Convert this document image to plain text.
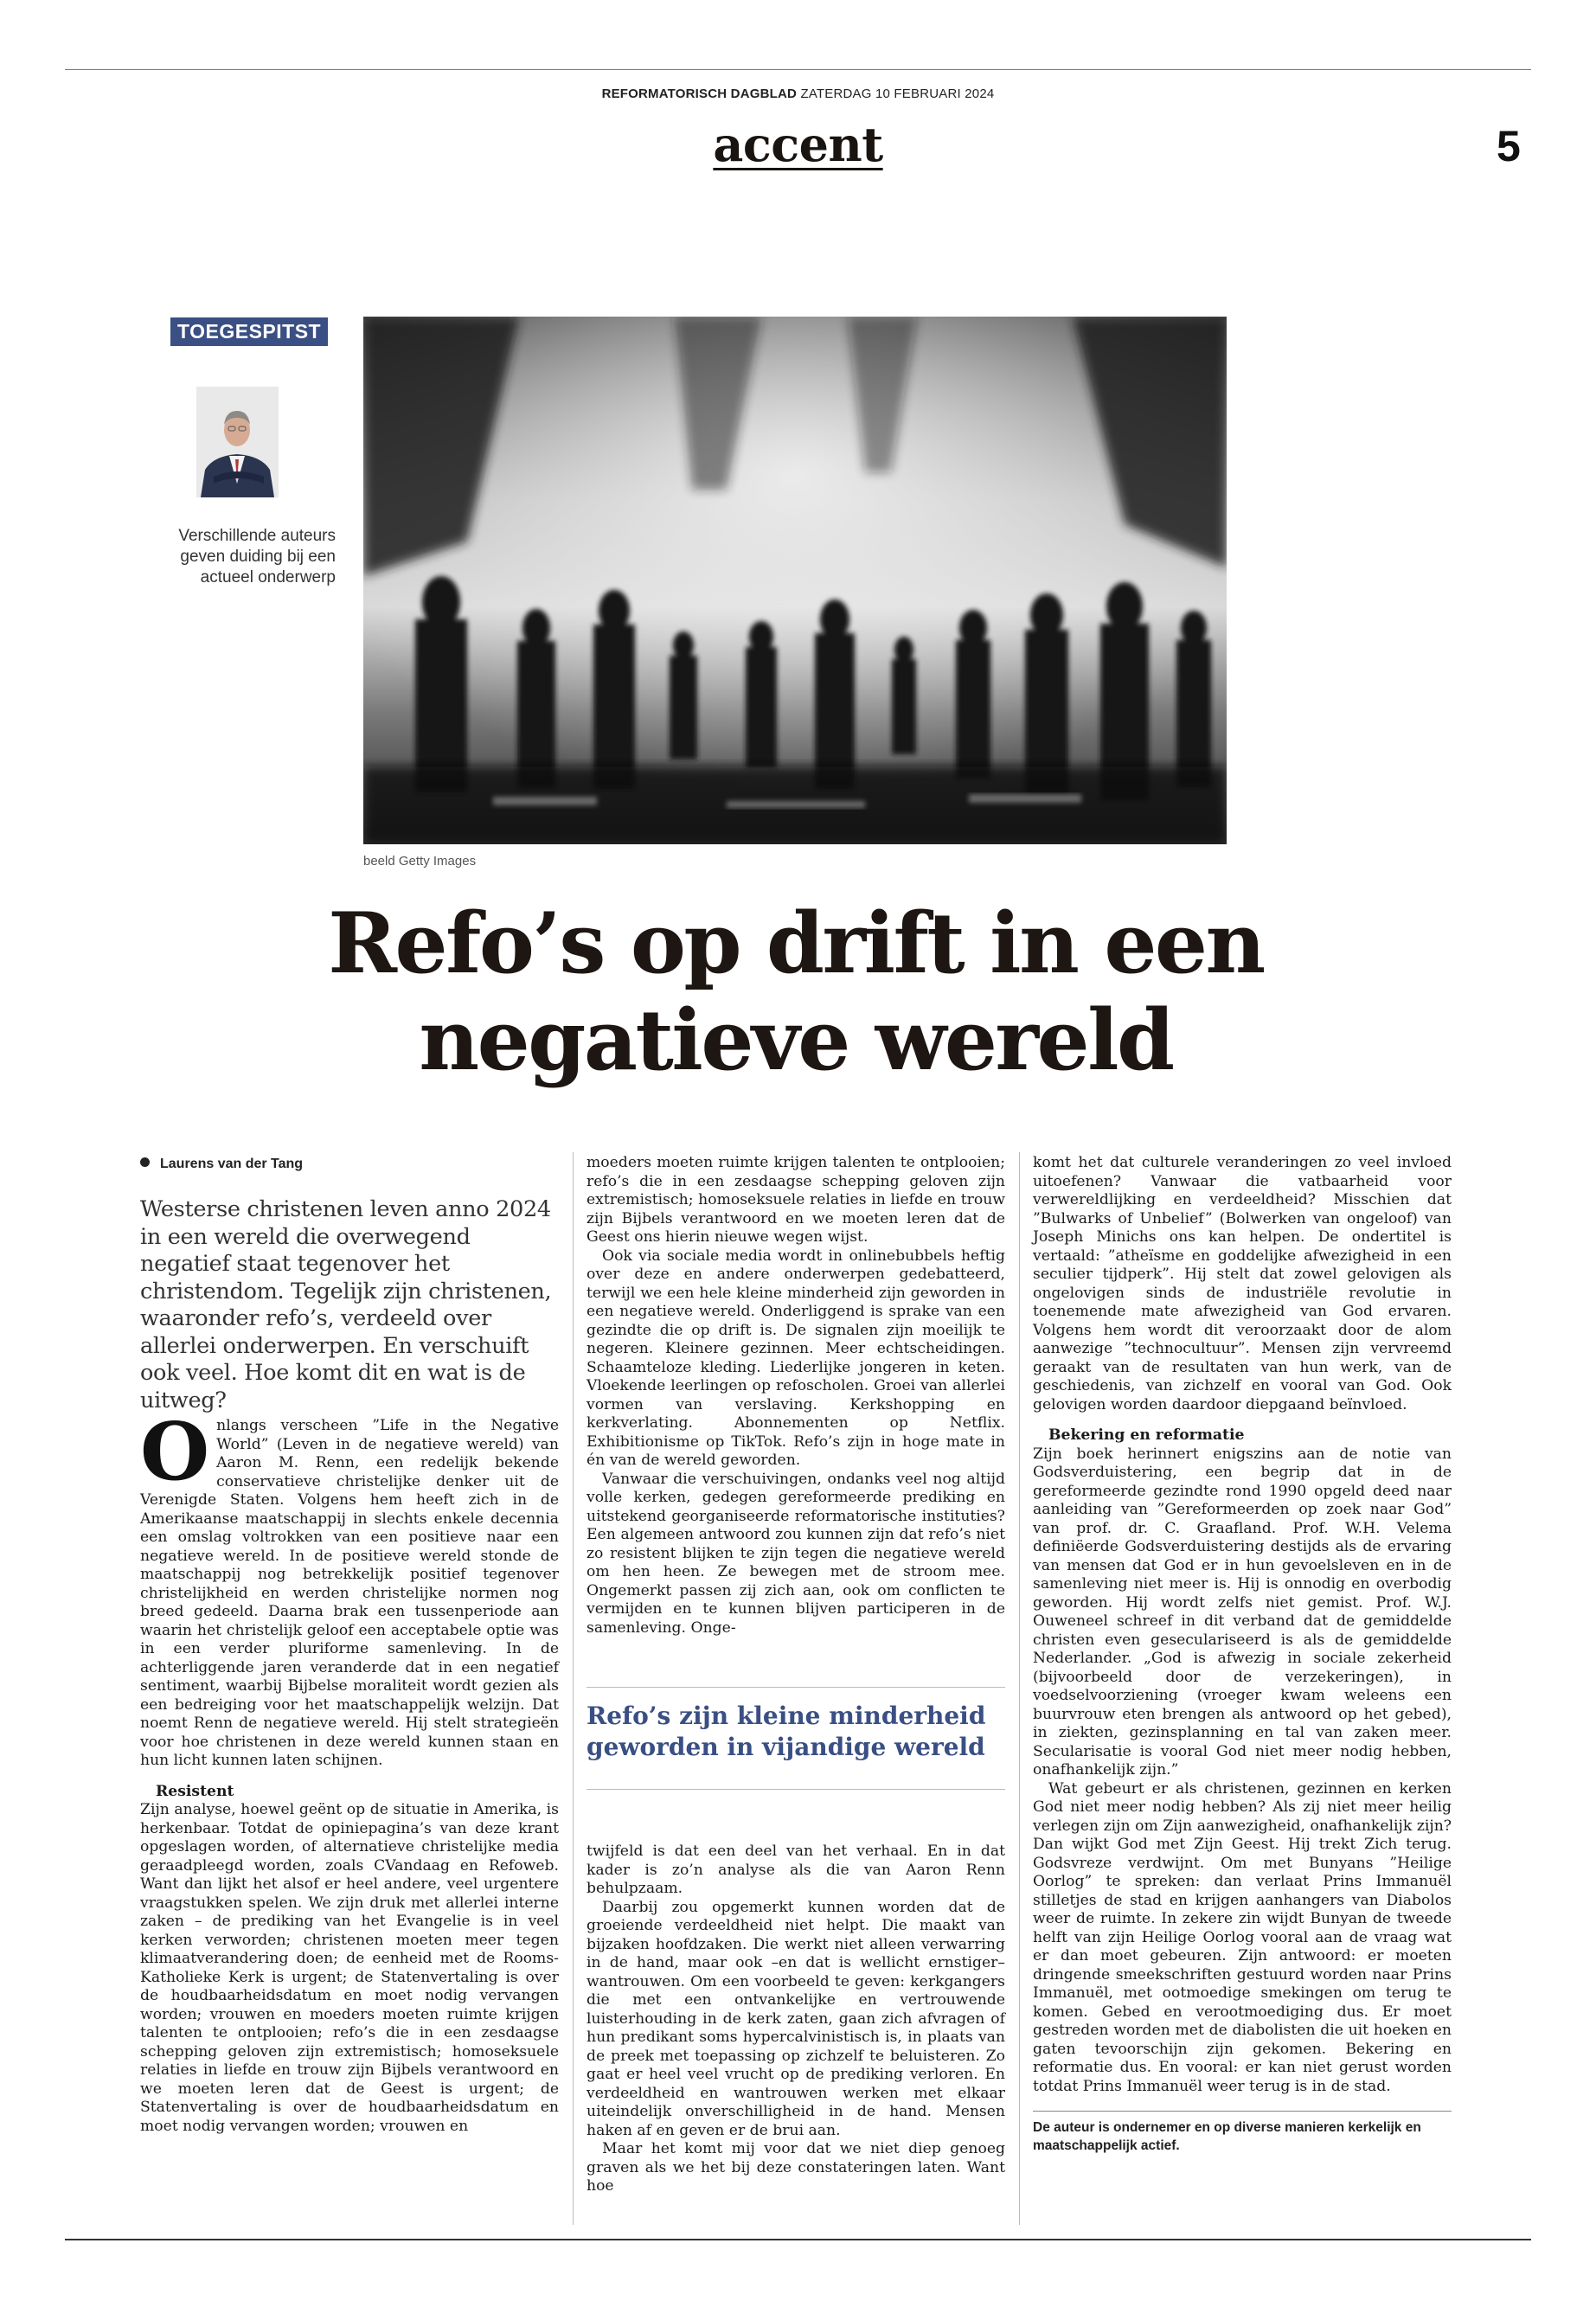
REFORMATORISCH DAGBLAD ZATERDAG 10 FEBRUARI 2024
accent	5
TOEGESPITST
Verschillende auteurs geven duiding bij een actueel onderwerp
beeld Getty Images
Refo’s op drift in een negatieve wereld
Laurens van der Tang
Westerse christenen leven anno 2024 in een wereld die overwegend negatief staat tegenover het christendom. Tegelijk zijn christenen, waaronder refo’s, verdeeld over allerlei onderwerpen. En verschuift ook veel. Hoe komt dit en wat is de uitweg?

Onlangs verscheen ”Life in the Negative World” (Leven in de negatieve wereld) van Aaron M. Renn, een redelijk bekende conservatieve christelijke denker uit de Verenigde Staten. Volgens hem heeft zich in de Amerikaanse maatschappij in slechts enkele decennia een omslag voltrokken van een positieve naar een negatieve wereld. In de positieve wereld stonde de maatschappij nog betrekkelijk positief tegenover christelijkheid en werden christelijke normen nog breed gedeeld. Daarna brak een tussenperiode aan waarin het christelijk geloof een acceptabele optie was in een verder pluriforme samenleving. In de achterliggende jaren veranderde dat in een negatief sentiment, waarbij Bijbelse moraliteit wordt gezien als een bedreiging voor het maatschappelijk welzijn. Dat noemt Renn de negatieve wereld. Hij stelt strategieën voor hoe christenen in deze wereld kunnen staan en hun licht kunnen laten schijnen.

Resistent

Zijn analyse, hoewel geënt op de situatie in Amerika, is herkenbaar. Totdat de opiniepagina’s van deze krant opgeslagen worden, of alternatieve christelijke media geraadpleegd worden, zoals CVandaag en Refoweb. Want dan lijkt het alsof er heel andere, veel urgentere vraagstukken spelen. We zijn druk met allerlei interne zaken – de prediking van het Evangelie is in veel kerken verworden; christenen moeten meer tegen klimaatverandering doen; de eenheid met de Rooms-Katholieke Kerk is urgent; de Statenvertaling is over de houdbaarheidsdatum en moet nodig vervangen worden; vrouwen en moeders moeten ruimte krijgen talenten te ontplooien; refo’s die in een zesdaagse schepping geloven zijn extremistisch; homoseksuele relaties in liefde en trouw zijn Bijbels verantwoord en we moeten leren dat de Geest is urgent; de Statenvertaling is over de houdbaarheidsdatum en moet nodig vervangen worden; vrouwen en

moeders moeten ruimte krijgen talenten te ontplooien; refo’s die in een zesdaagse schepping geloven zijn extremistisch; homoseksuele relaties in liefde en trouw zijn Bijbels verantwoord en we moeten leren dat de Geest ons hierin nieuwe wegen wijst.

Ook via sociale media wordt in onlinebubbels heftig over deze en andere onderwerpen gedebatteerd, terwijl we een hele kleine minderheid zijn geworden in een negatieve wereld. Onderliggend is sprake van een gezindte die op drift is. De signalen zijn moeilijk te negeren. Kleinere gezinnen. Meer echtscheidingen. Schaamteloze kleding. Liederlijke jongeren in keten. Vloekende leerlingen op refoscholen. Groei van allerlei vormen van verslaving. Kerkshopping en kerkverlating. Abonnementen op Netflix. Exhibitionisme op TikTok. Refo’s zijn in hoge mate in én van de wereld geworden.

Vanwaar die verschuivingen, ondanks veel nog altijd volle kerken, gedegen gereformeerde prediking en uitstekend georganiseerde reformatorische instituties? Een algemeen antwoord zou kunnen zijn dat refo’s niet zo resistent blijken te zijn tegen die negatieve wereld om hen heen. Ze bewegen met de stroom mee. Ongemerkt passen zij zich aan, ook om conflicten te vermijden en te kunnen blijven participeren in de samenleving. Onge-

Refo’s zijn kleine minderheid geworden in vijandige wereld

twijfeld is dat een deel van het verhaal. En in dat kader is zo’n analyse als die van Aaron Renn behulpzaam.

Daarbij zou opgemerkt kunnen worden dat de groeiende verdeeldheid niet helpt. Die maakt van bijzaken hoofdzaken. Die werkt niet alleen verwarring in de hand, maar ook –en dat is wellicht ernstiger– wantrouwen. Om een voorbeeld te geven: kerkgangers die met een ontvankelijke en vertrouwende luisterhouding in de kerk zaten, gaan zich afvragen of hun predikant soms hypercalvinistisch is, in plaats van de preek met toepassing op zichzelf te beluisteren. Zo gaat er heel veel vrucht op de prediking verloren. En verdeeldheid en wantrouwen werken met elkaar uiteindelijk onverschilligheid in de hand. Mensen haken af en geven er de brui aan.

Maar het komt mij voor dat we niet diep genoeg graven als we het bij deze constateringen laten. Want hoe

komt het dat culturele veranderingen zo veel invloed uitoefenen? Vanwaar die vatbaarheid voor verwereldlijking en verdeeldheid? Misschien dat ”Bulwarks of Unbelief” (Bolwerken van ongeloof) van Joseph Minichs ons kan helpen. De ondertitel is vertaald: ”atheïsme en goddelijke afwezigheid in een seculier tijdperk”. Hij stelt dat zowel gelovigen als ongelovigen sinds de industriële revolutie in toenemende mate afwezigheid van God ervaren. Volgens hem wordt dit veroorzaakt door de alom aanwezige ”technocultuur”. Mensen zijn vervreemd geraakt van de resultaten van hun werk, van de geschiedenis, van zichzelf en vooral van God. Ook gelovigen worden daardoor diepgaand beïnvloed.

Bekering en reformatie

Zijn boek herinnert enigszins aan de notie van Godsverduistering, een begrip dat in de gereformeerde gezindte rond 1990 opgeld deed naar aanleiding van ”Gereformeerden op zoek naar God” van prof. dr. C. Graafland. Prof. W.H. Velema definiëerde Godsverduistering destijds als de ervaring van mensen dat God er in hun gevoelsleven en in de samenleving niet meer is. Hij is onnodig en overbodig geworden. Hij wordt zelfs niet gemist. Prof. W.J. Ouweneel schreef in dit verband dat de gemiddelde christen even geseculariseerd is als de gemiddelde Nederlander. „God is afwezig in sociale zekerheid (bijvoorbeeld door de verzekeringen), in voedselvoorziening (vroeger kwam weleens een buurvrouw eten brengen als antwoord op het gebed), in ziekten, gezinsplanning en tal van zaken meer. Secularisatie is vooral God niet meer nodig hebben, onafhankelijk zijn.”

Wat gebeurt er als christenen, gezinnen en kerken God niet meer nodig hebben? Als zij niet meer heilig verlegen zijn om Zijn aanwezigheid, onafhankelijk zijn? Dan wijkt God met Zijn Geest. Hij trekt Zich terug. Godsvreze verdwijnt. Om met Bunyans ”Heilige Oorlog” te spreken: dan verlaat Prins Immanuël stilletjes de stad en krijgen aanhangers van Diabolos weer de ruimte. In zekere zin wijdt Bunyan de tweede helft van zijn Heilige Oorlog vooral aan de vraag wat er dan moet gebeuren. Zijn antwoord: er moeten dringende smeekschriften gestuurd worden naar Prins Immanuël, met ootmoedige smekingen om terug te komen. Gebed en verootmoediging dus. Er moet gestreden worden met de diabolisten die uit hoeken en gaten tevoorschijn zijn gekomen. Bekering en reformatie dus. En vooral: er kan niet gerust worden totdat Prins Immanuël weer terug is in de stad.

De auteur is ondernemer en op diverse manieren kerkelijk en maatschappelijk actief.
